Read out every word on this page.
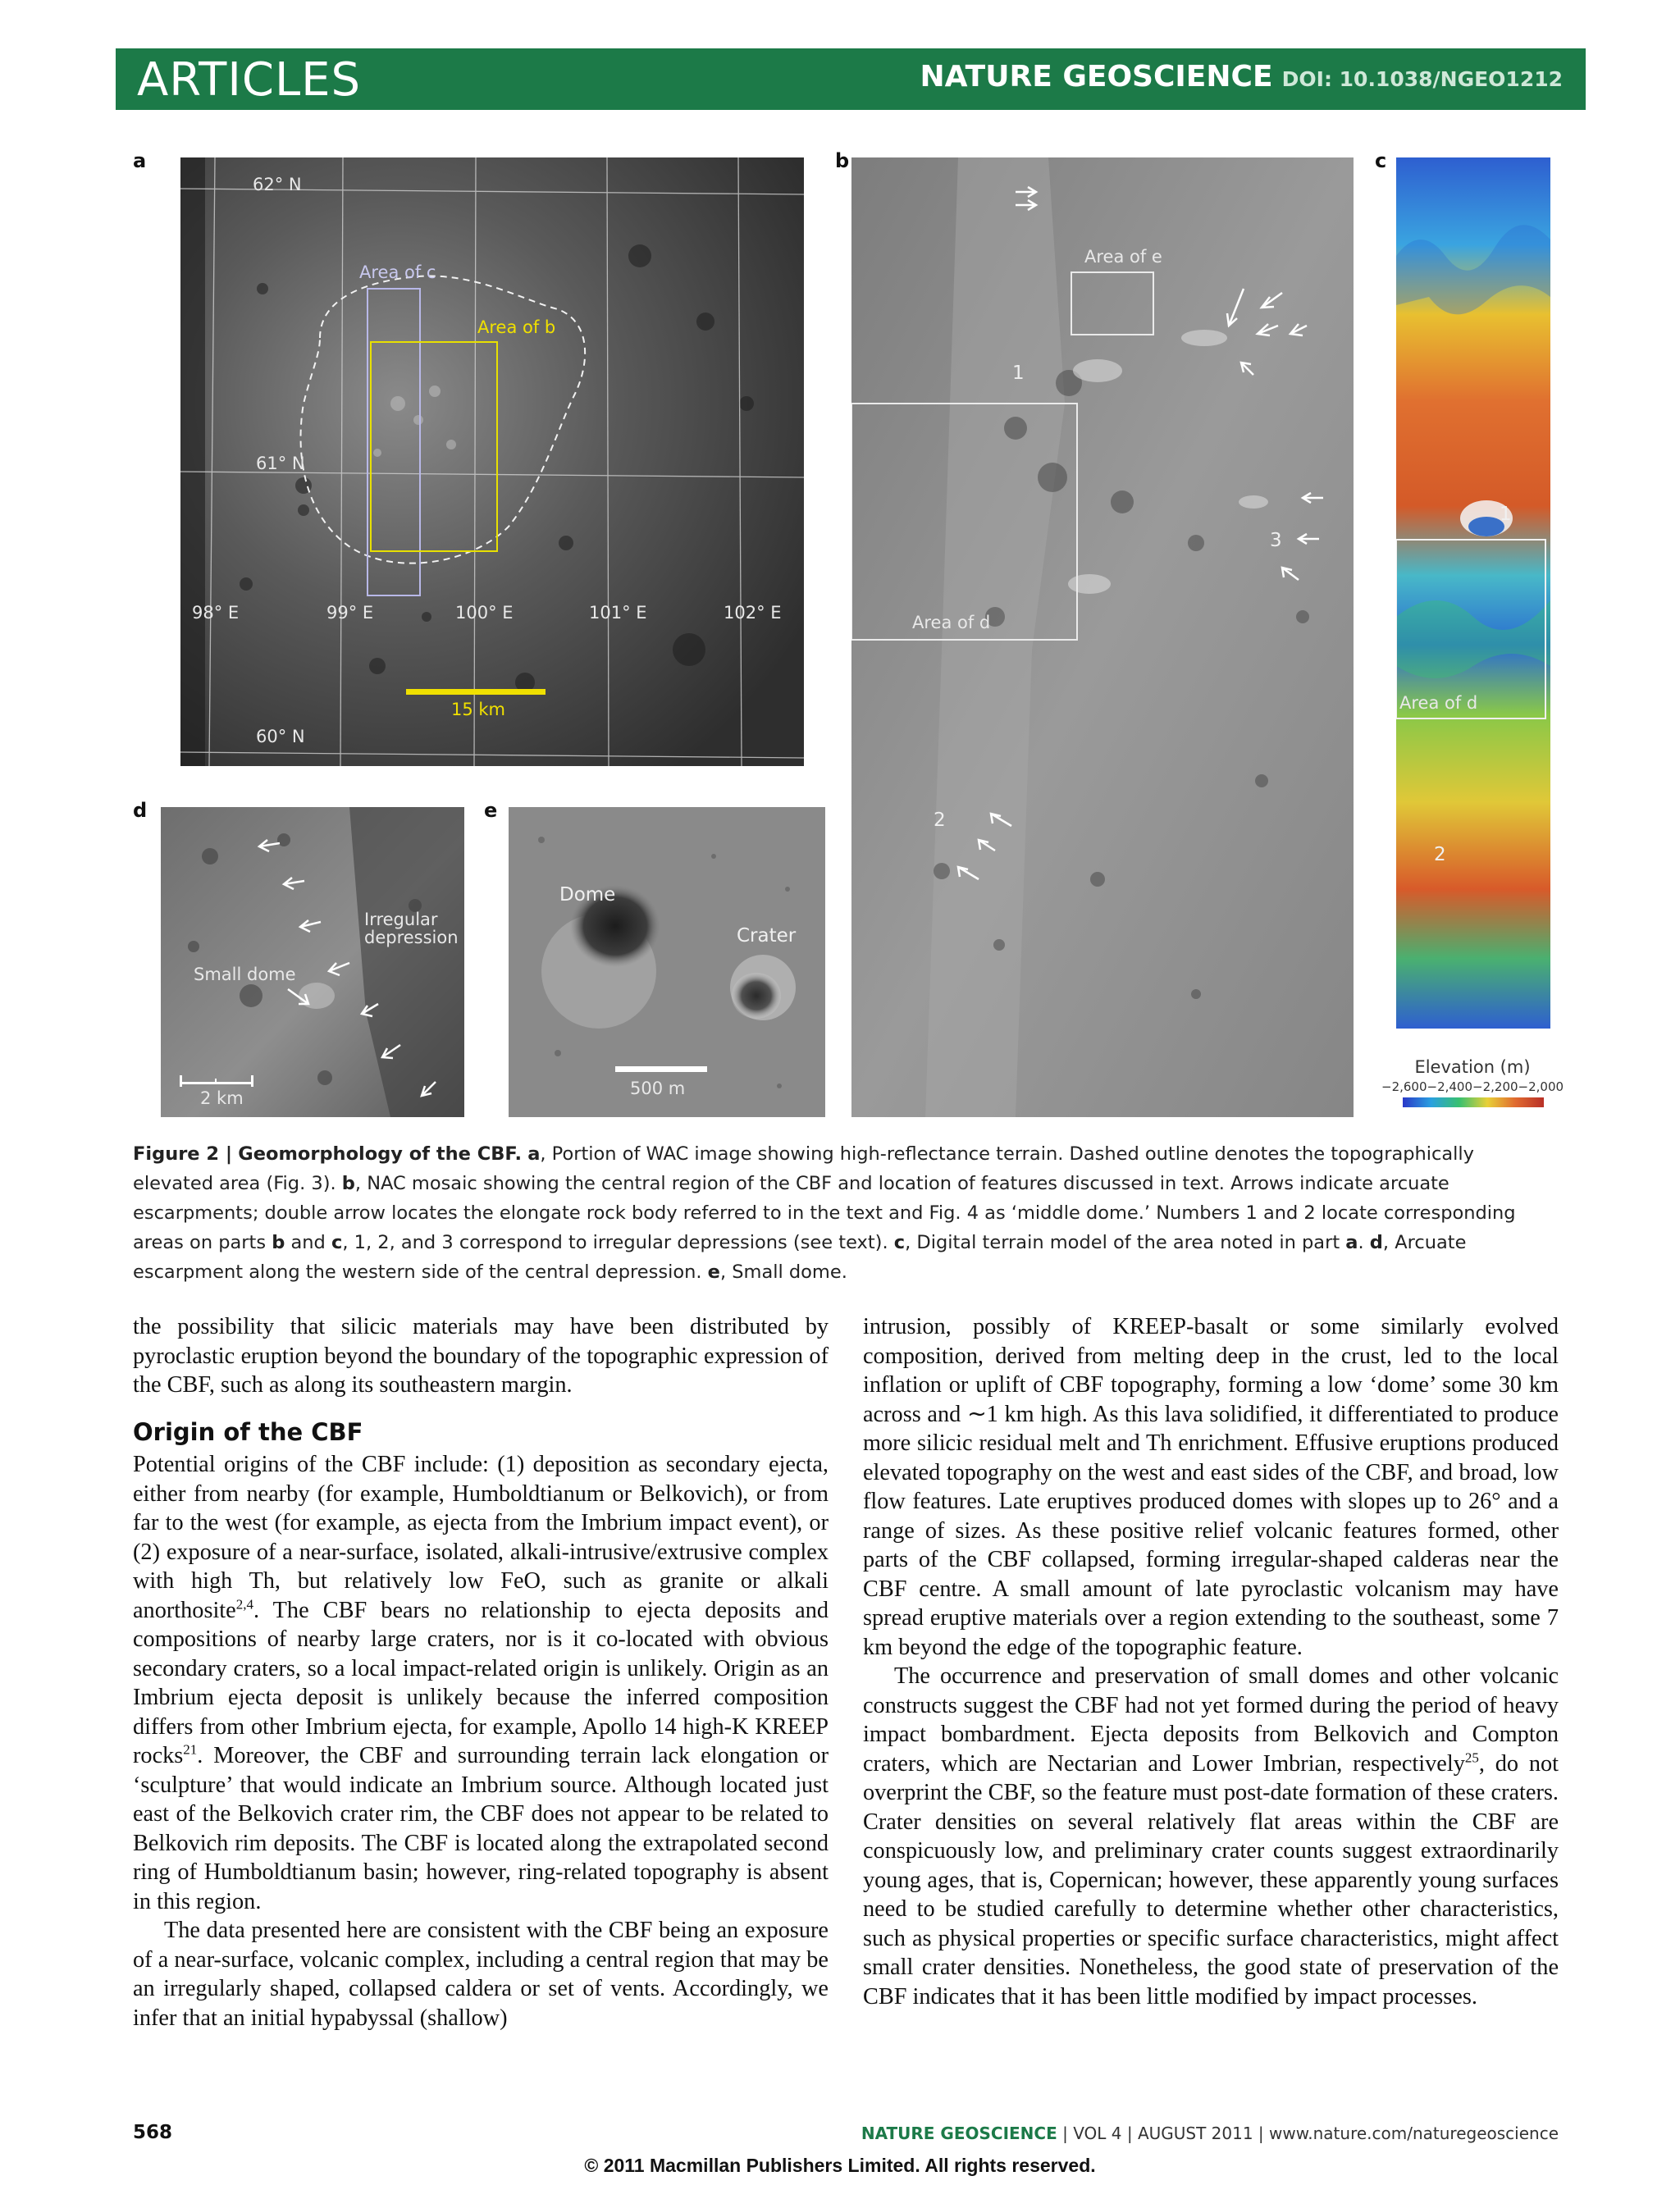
ARTICLES	NATURE GEOSCIENCE DOI: 10.1038/NGEO1212
a
62° N
61° N
60° N
98° E	99° E	100° E	101° E	102° E
Area of c
Area of b
15 km
b
Area of e
Area of d
1
3
2
c
1
2
Area of d
Elevation (m)
−2,600−2,400−2,200−2,000
d
2 km
Irregular
depression
Small dome
e
Dome
Crater
500 m
Figure 2 | Geomorphology of the CBF. a, Portion of WAC image showing high-reflectance terrain. Dashed outline denotes the topographically elevated area (Fig. 3). b, NAC mosaic showing the central region of the CBF and location of features discussed in text. Arrows indicate arcuate escarpments; double arrow locates the elongate rock body referred to in the text and Fig. 4 as ‘middle dome.’ Numbers 1 and 2 locate corresponding areas on parts b and c, 1, 2, and 3 correspond to irregular depressions (see text). c, Digital terrain model of the area noted in part a. d, Arcuate escarpment along the western side of the central depression. e, Small dome.

the possibility that silicic materials may have been distributed by pyroclastic eruption beyond the boundary of the topographic expression of the CBF, such as along its southeastern margin.

Origin of the CBF

Potential origins of the CBF include: (1) deposition as secondary ejecta, either from nearby (for example, Humboldtianum or Belkovich), or from far to the west (for example, as ejecta from the Imbrium impact event), or (2) exposure of a near-surface, isolated, alkali-intrusive/extrusive complex with high Th, but relatively low FeO, such as granite or alkali anorthosite$^{2,4}$. The CBF bears no relationship to ejecta deposits and compositions of nearby large craters, nor is it co-located with obvious secondary craters, so a local impact-related origin is unlikely. Origin as an Imbrium ejecta deposit is unlikely because the inferred composition differs from other Imbrium ejecta, for example, Apollo 14 high-K KREEP rocks$^{21}$. Moreover, the CBF and surrounding terrain lack elongation or ‘sculpture’ that would indicate an Imbrium source. Although located just east of the Belkovich crater rim, the CBF does not appear to be related to Belkovich rim deposits. The CBF is located along the extrapolated second ring of Humboldtianum basin; however, ring-related topography is absent in this region.

The data presented here are consistent with the CBF being an exposure of a near-surface, volcanic complex, including a central region that may be an irregularly shaped, collapsed caldera or set of vents. Accordingly, we infer that an initial hypabyssal (shallow)

intrusion, possibly of KREEP-basalt or some similarly evolved composition, derived from melting deep in the crust, led to the local inflation or uplift of CBF topography, forming a low ‘dome’ some 30 km across and ∼1 km high. As this lava solidified, it differentiated to produce more silicic residual melt and Th enrichment. Effusive eruptions produced elevated topography on the west and east sides of the CBF, and broad, low flow features. Late eruptives produced domes with slopes up to 26° and a range of sizes. As these positive relief volcanic features formed, other parts of the CBF collapsed, forming irregular-shaped calderas near the CBF centre. A small amount of late pyroclastic volcanism may have spread eruptive materials over a region extending to the southeast, some 7 km beyond the edge of the topographic feature.

The occurrence and preservation of small domes and other volcanic constructs suggest the CBF had not yet formed during the period of heavy impact bombardment. Ejecta deposits from Belkovich and Compton craters, which are Nectarian and Lower Imbrian, respectively$^{25}$, do not overprint the CBF, so the feature must post-date formation of these craters. Crater densities on several relatively flat areas within the CBF are conspicuously low, and preliminary crater counts suggest extraordinarily young ages, that is, Copernican; however, these apparently young surfaces need to be studied carefully to determine whether other characteristics, such as physical properties or specific surface characteristics, might affect small crater densities. Nonetheless, the good state of preservation of the CBF indicates that it has been little modified by impact processes.

568	NATURE GEOSCIENCE | VOL 4 | AUGUST 2011 | www.nature.com/naturegeoscience
© 2011 Macmillan Publishers Limited. All rights reserved.
